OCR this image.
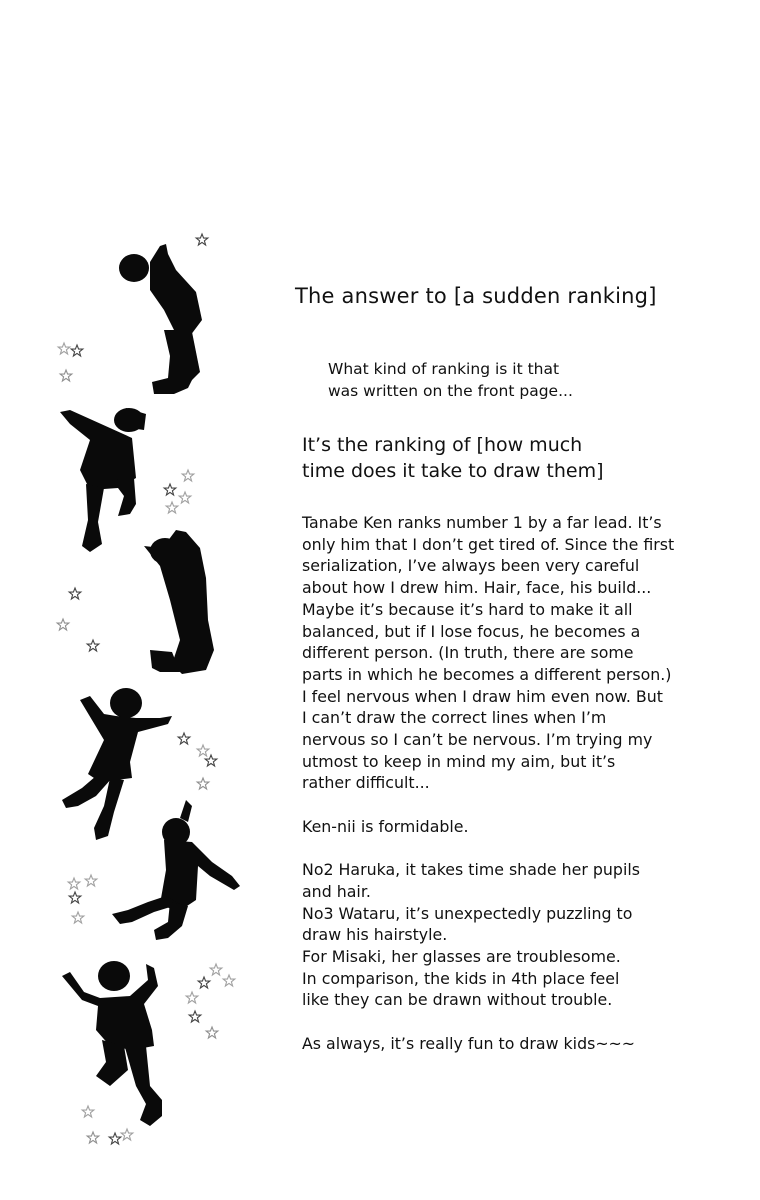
The answer to [a sudden ranking]
What kind of ranking is it that
was written on the front page...
It’s the ranking of [how much
time does it take to draw them]

Tanabe Ken ranks number 1 by a far lead. It’s
only him that I don’t get tired of. Since the first
serialization, I’ve always been very careful
about how I drew him. Hair, face, his build...
Maybe it’s because it’s hard to make it all
balanced, but if I lose focus, he becomes a
different person. (In truth, there are some
parts in which he becomes a different person.)
I feel nervous when I draw him even now. But
I can’t draw the correct lines when I’m
nervous so I can’t be nervous. I’m trying my
utmost to keep in mind my aim, but it’s
rather difficult...

Ken-nii is formidable.

No2 Haruka, it takes time shade her pupils
and hair.
No3 Wataru, it’s unexpectedly puzzling to
draw his hairstyle.
For Misaki, her glasses are troublesome.
In comparison, the kids in 4th place feel
like they can be drawn without trouble.

As always, it’s really fun to draw kids~~~
